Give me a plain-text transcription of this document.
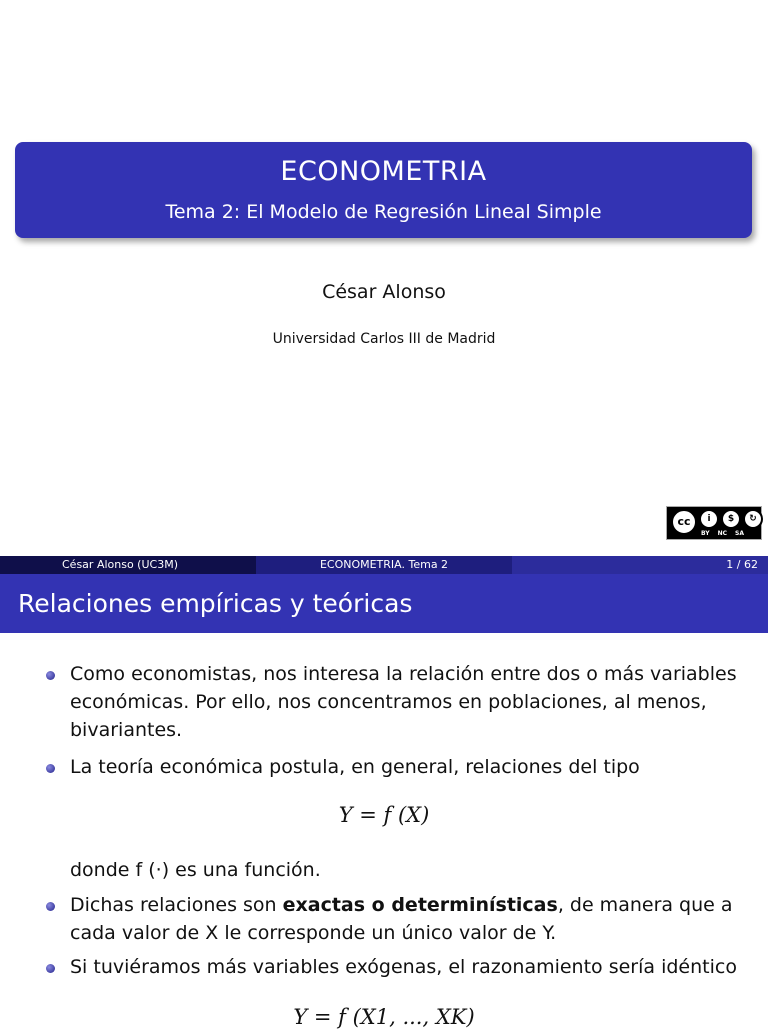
ECONOMETRIA
Tema 2: El Modelo de Regresión Lineal Simple
César Alonso
Universidad Carlos III de Madrid
cc	i	$	↻
BY NC SA
César Alonso (UC3M)	ECONOMETRIA. Tema 2	1 / 62
Relaciones empíricas y teóricas
Como economistas, nos interesa la relación entre dos o más variables económicas. Por ello, nos concentramos en poblaciones, al menos, bivariantes.
La teoría económica postula, en general, relaciones del tipo
Y = f (X)
donde f (·) es una función.
Dichas relaciones son exactas o determinísticas, de manera que a cada valor de X le corresponde un único valor de Y.
Si tuviéramos más variables exógenas, el razonamiento sería idéntico
Y = f (X1, ..., XK)
